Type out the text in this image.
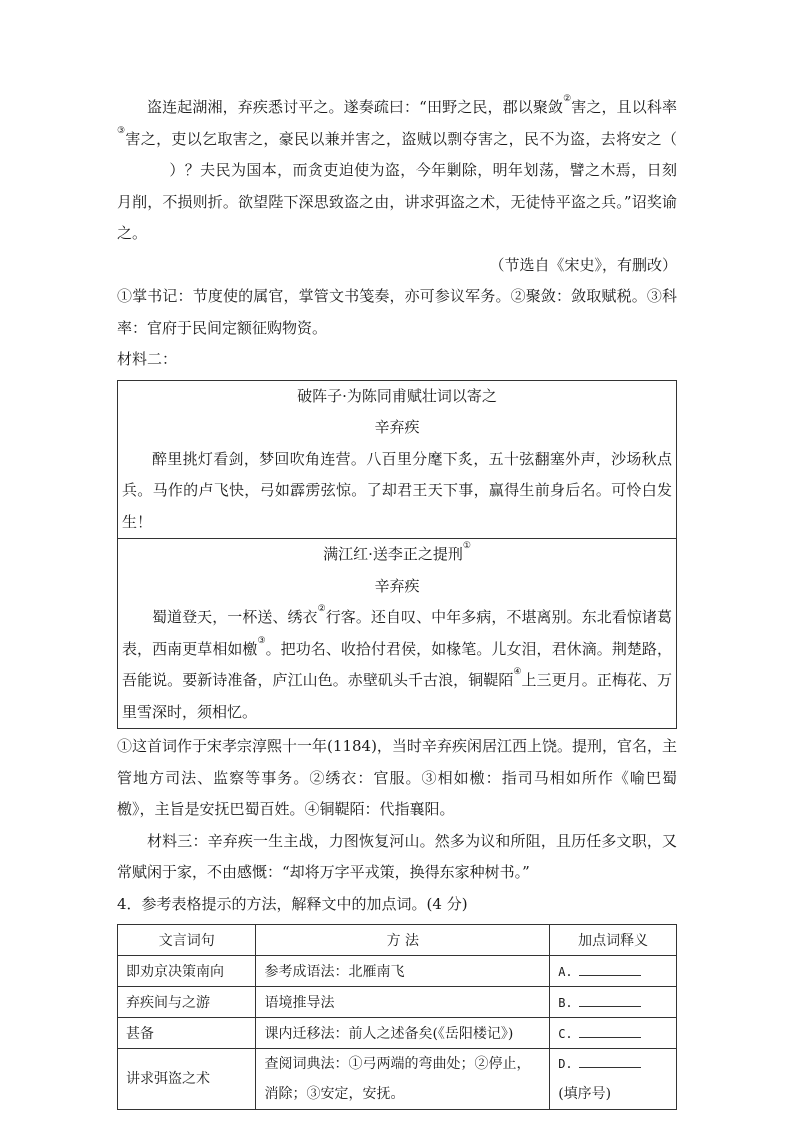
盗连起湖湘，弃疾悉讨平之。遂奏疏曰：“田野之民，郡以聚敛②害之，且以科率③害之，吏以乞取害之，豪民以兼并害之，盗贼以剽夺害之，民不为盗，去将安之（）？夫民为国本，而贪吏迫使为盗，今年剿除，明年划荡，譬之木焉，日刻月削，不损则折。欲望陛下深思致盗之由，讲求弭盗之术，无徒恃平盗之兵。”诏奖谕之。

（节选自《宋史》，有删改）

①掌书记：节度使的属官，掌管文书笺奏，亦可参议军务。②聚敛：敛取赋税。③科率：官府于民间定额征购物资。

材料二：

破阵子·为陈同甫赋壮词以寄之

辛弃疾

醉里挑灯看剑，梦回吹角连营。八百里分麾下炙，五十弦翻塞外声，沙场秋点兵。马作的卢飞快，弓如霹雳弦惊。了却君王天下事，赢得生前身后名。可怜白发生！

满江红·送李正之提刑①

辛弃疾

蜀道登天，一杯送、绣衣②行客。还自叹、中年多病，不堪离别。东北看惊诸葛表，西南更草相如檄③。把功名、收拾付君侯，如椽笔。儿女泪，君休滴。荆楚路，吾能说。要新诗准备，庐江山色。赤壁矶头千古浪，铜鞮陌④上三更月。正梅花、万里雪深时，须相忆。

①这首词作于宋孝宗淳熙十一年(1184)，当时辛弃疾闲居江西上饶。提刑，官名，主管地方司法、监察等事务。②绣衣：官服。③相如檄：指司马相如所作《喻巴蜀檄》，主旨是安抚巴蜀百姓。④铜鞮陌：代指襄阳。

材料三：辛弃疾一生主战，力图恢复河山。然多为议和所阻，且历任多文职，又常赋闲于家，不由感慨：“却将万字平戎策，换得东家种树书。”

4．参考表格提示的方法，解释文中的加点词。(4 分)

文言词句	方 法	加点词释义
即劝京决策南向	参考成语法：北雁南飞	A.
弃疾间与之游	语境推导法	B.
甚备	课内迁移法：前人之述备矣(《岳阳楼记》)	C.
讲求弭盗之术	查阅词典法：①弓两端的弯曲处；②停止，消除；③安定，安抚。	D.
(填序号)
